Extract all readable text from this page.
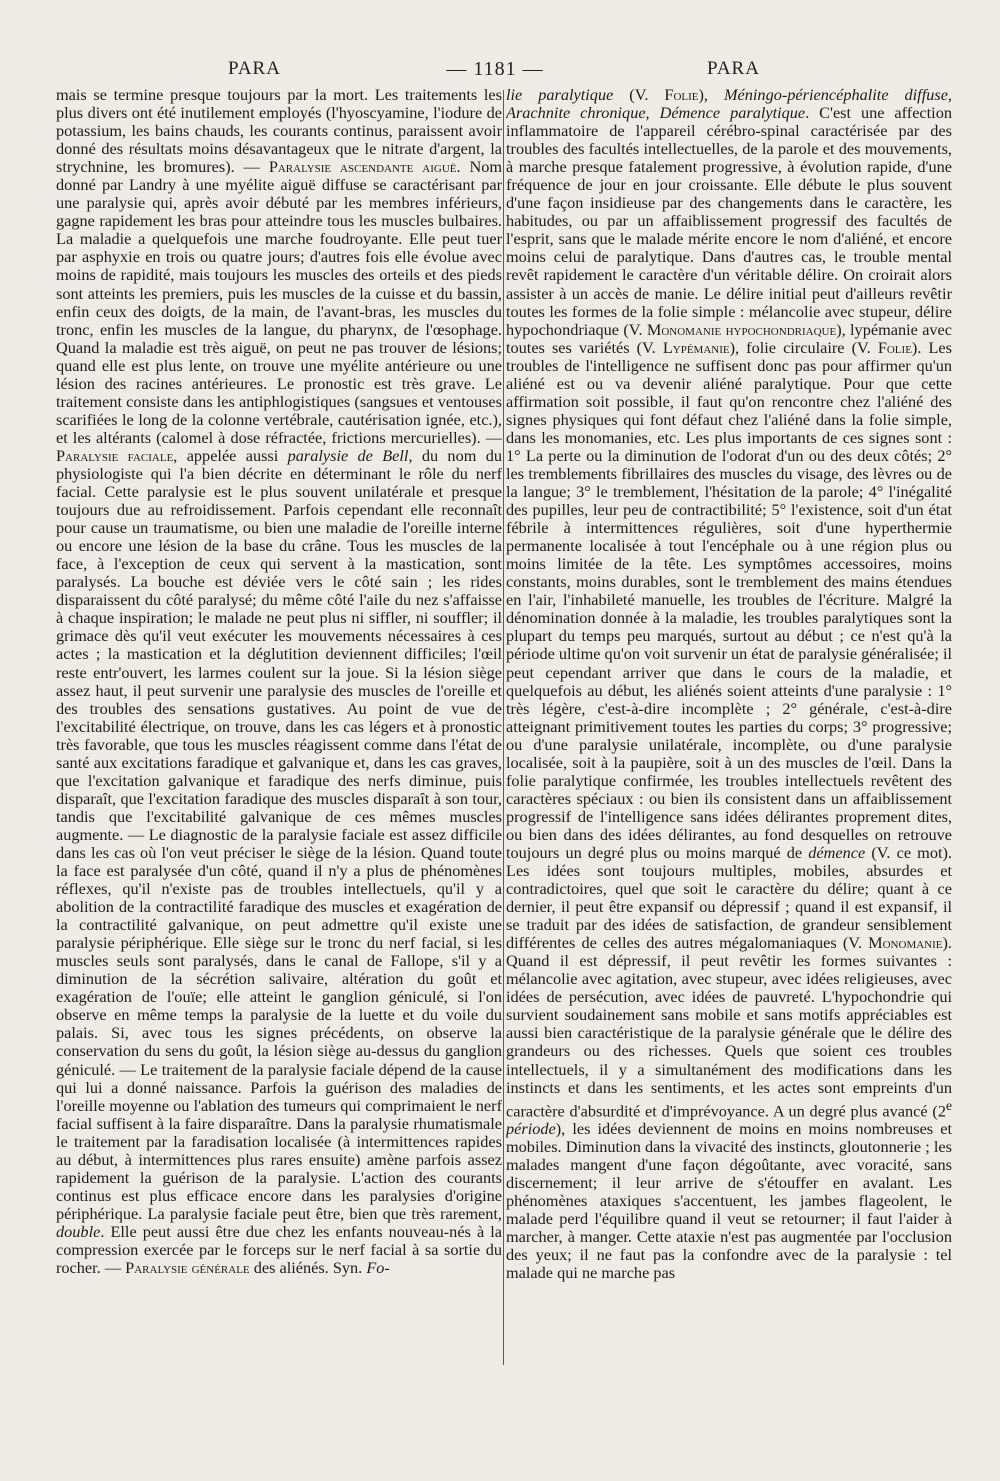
PARA	— 1181 —	PARA
mais se termine presque toujours par la mort. Les traitements les plus divers ont été inutilement employés (l'hyoscyamine, l'iodure de potassium, les bains chauds, les courants continus, paraissent avoir donné des résultats moins désavantageux que le nitrate d'argent, la strychnine, les bromures). — Paralysie ascendante aiguë. Nom donné par Landry à une myélite aiguë diffuse se caractérisant par une paralysie qui, après avoir débuté par les membres inférieurs, gagne rapidement les bras pour atteindre tous les muscles bulbaires. La maladie a quelquefois une marche foudroyante. Elle peut tuer par asphyxie en trois ou quatre jours; d'autres fois elle évolue avec moins de rapidité, mais toujours les muscles des orteils et des pieds sont atteints les premiers, puis les muscles de la cuisse et du bassin, enfin ceux des doigts, de la main, de l'avant-bras, les muscles du tronc, enfin les muscles de la langue, du pharynx, de l'œsophage. Quand la maladie est très aiguë, on peut ne pas trouver de lésions; quand elle est plus lente, on trouve une myélite antérieure ou une lésion des racines antérieures. Le pronostic est très grave. Le traitement consiste dans les antiphlogistiques (sangsues et ventouses scarifiées le long de la colonne vertébrale, cautérisation ignée, etc.), et les altérants (calomel à dose réfractée, frictions mercurielles). — Paralysie faciale, appelée aussi paralysie de Bell, du nom du physiologiste qui l'a bien décrite en déterminant le rôle du nerf facial. Cette paralysie est le plus souvent unilatérale et presque toujours due au refroidissement. Parfois cependant elle reconnaît pour cause un traumatisme, ou bien une maladie de l'oreille interne ou encore une lésion de la base du crâne. Tous les muscles de la face, à l'exception de ceux qui servent à la mastication, sont paralysés. La bouche est déviée vers le côté sain ; les rides disparaissent du côté paralysé; du même côté l'aile du nez s'affaisse à chaque inspiration; le malade ne peut plus ni siffler, ni souffler; il grimace dès qu'il veut exécuter les mouvements nécessaires à ces actes ; la mastication et la déglutition deviennent difficiles; l'œil reste entr'ouvert, les larmes coulent sur la joue. Si la lésion siège assez haut, il peut survenir une paralysie des muscles de l'oreille et des troubles des sensations gustatives. Au point de vue de l'excitabilité électrique, on trouve, dans les cas légers et à pronostic très favorable, que tous les muscles réagissent comme dans l'état de santé aux excitations faradique et galvanique et, dans les cas graves, que l'excitation galvanique et faradique des nerfs diminue, puis disparaît, que l'excitation faradique des muscles disparaît à son tour, tandis que l'excitabilité galvanique de ces mêmes muscles augmente. — Le diagnostic de la paralysie faciale est assez difficile dans les cas où l'on veut préciser le siège de la lésion. Quand toute la face est paralysée d'un côté, quand il n'y a plus de phénomènes réflexes, qu'il n'existe pas de troubles intellectuels, qu'il y a abolition de la contractilité faradique des muscles et exagération de la contractilité galvanique, on peut admettre qu'il existe une paralysie périphérique. Elle siège sur le tronc du nerf facial, si les muscles seuls sont paralysés, dans le canal de Fallope, s'il y a diminution de la sécrétion salivaire, altération du goût et exagération de l'ouïe; elle atteint le ganglion géniculé, si l'on observe en même temps la paralysie de la luette et du voile du palais. Si, avec tous les signes précédents, on observe la conservation du sens du goût, la lésion siège au-dessus du ganglion géniculé. — Le traitement de la paralysie faciale dépend de la cause qui lui a donné naissance. Parfois la guérison des maladies de l'oreille moyenne ou l'ablation des tumeurs qui comprimaient le nerf facial suffisent à la faire disparaître. Dans la paralysie rhumatismale le traitement par la faradisation localisée (à intermittences rapides au début, à intermittences plus rares ensuite) amène parfois assez rapidement la guérison de la paralysie. L'action des courants continus est plus efficace encore dans les paralysies d'origine périphérique. La paralysie faciale peut être, bien que très rarement, double. Elle peut aussi être due chez les enfants nouveau-nés à la compression exercée par le forceps sur le nerf facial à sa sortie du rocher. — Paralysie générale des aliénés. Syn. Fo-
lie paralytique (V. Folie), Méningo-périencéphalite diffuse, Arachnite chronique, Démence paralytique. C'est une affection inflammatoire de l'appareil cérébro-spinal caractérisée par des troubles des facultés intellectuelles, de la parole et des mouvements, à marche presque fatalement progressive, à évolution rapide, d'une fréquence de jour en jour croissante. Elle débute le plus souvent d'une façon insidieuse par des changements dans le caractère, les habitudes, ou par un affaiblissement progressif des facultés de l'esprit, sans que le malade mérite encore le nom d'aliéné, et encore moins celui de paralytique. Dans d'autres cas, le trouble mental revêt rapidement le caractère d'un véritable délire. On croirait alors assister à un accès de manie. Le délire initial peut d'ailleurs revêtir toutes les formes de la folie simple : mélancolie avec stupeur, délire hypochondriaque (V. Monomanie hypochondriaque), lypémanie avec toutes ses variétés (V. Lypémanie), folie circulaire (V. Folie). Les troubles de l'intelligence ne suffisent donc pas pour affirmer qu'un aliéné est ou va devenir aliéné paralytique. Pour que cette affirmation soit possible, il faut qu'on rencontre chez l'aliéné des signes physiques qui font défaut chez l'aliéné dans la folie simple, dans les monomanies, etc. Les plus importants de ces signes sont : 1° La perte ou la diminution de l'odorat d'un ou des deux côtés; 2° les tremblements fibrillaires des muscles du visage, des lèvres ou de la langue; 3° le tremblement, l'hésitation de la parole; 4° l'inégalité des pupilles, leur peu de contractibilité; 5° l'existence, soit d'un état fébrile à intermittences régulières, soit d'une hyperthermie permanente localisée à tout l'encéphale ou à une région plus ou moins limitée de la tête. Les symptômes accessoires, moins constants, moins durables, sont le tremblement des mains étendues en l'air, l'inhabileté manuelle, les troubles de l'écriture. Malgré la dénomination donnée à la maladie, les troubles paralytiques sont la plupart du temps peu marqués, surtout au début ; ce n'est qu'à la période ultime qu'on voit survenir un état de paralysie généralisée; il peut cependant arriver que dans le cours de la maladie, et quelquefois au début, les aliénés soient atteints d'une paralysie : 1° très légère, c'est-à-dire incomplète ; 2° générale, c'est-à-dire atteignant primitivement toutes les parties du corps; 3° progressive; ou d'une paralysie unilatérale, incomplète, ou d'une paralysie localisée, soit à la paupière, soit à un des muscles de l'œil. Dans la folie paralytique confirmée, les troubles intellectuels revêtent des caractères spéciaux : ou bien ils consistent dans un affaiblissement progressif de l'intelligence sans idées délirantes proprement dites, ou bien dans des idées délirantes, au fond desquelles on retrouve toujours un degré plus ou moins marqué de démence (V. ce mot). Les idées sont toujours multiples, mobiles, absurdes et contradictoires, quel que soit le caractère du délire; quant à ce dernier, il peut être expansif ou dépressif ; quand il est expansif, il se traduit par des idées de satisfaction, de grandeur sensiblement différentes de celles des autres mégalomaniaques (V. Monomanie). Quand il est dépressif, il peut revêtir les formes suivantes : mélancolie avec agitation, avec stupeur, avec idées religieuses, avec idées de persécution, avec idées de pauvreté. L'hypochondrie qui survient soudainement sans mobile et sans motifs appréciables est aussi bien caractéristique de la paralysie générale que le délire des grandeurs ou des richesses. Quels que soient ces troubles intellectuels, il y a simultanément des modifications dans les instincts et dans les sentiments, et les actes sont empreints d'un caractère d'absurdité et d'imprévoyance. A un degré plus avancé (2e période), les idées deviennent de moins en moins nombreuses et mobiles. Diminution dans la vivacité des instincts, gloutonnerie ; les malades mangent d'une façon dégoûtante, avec voracité, sans discernement; il leur arrive de s'étouffer en avalant. Les phénomènes ataxiques s'accentuent, les jambes flageolent, le malade perd l'équilibre quand il veut se retourner; il faut l'aider à marcher, à manger. Cette ataxie n'est pas augmentée par l'occlusion des yeux; il ne faut pas la confondre avec de la paralysie : tel malade qui ne marche pas
